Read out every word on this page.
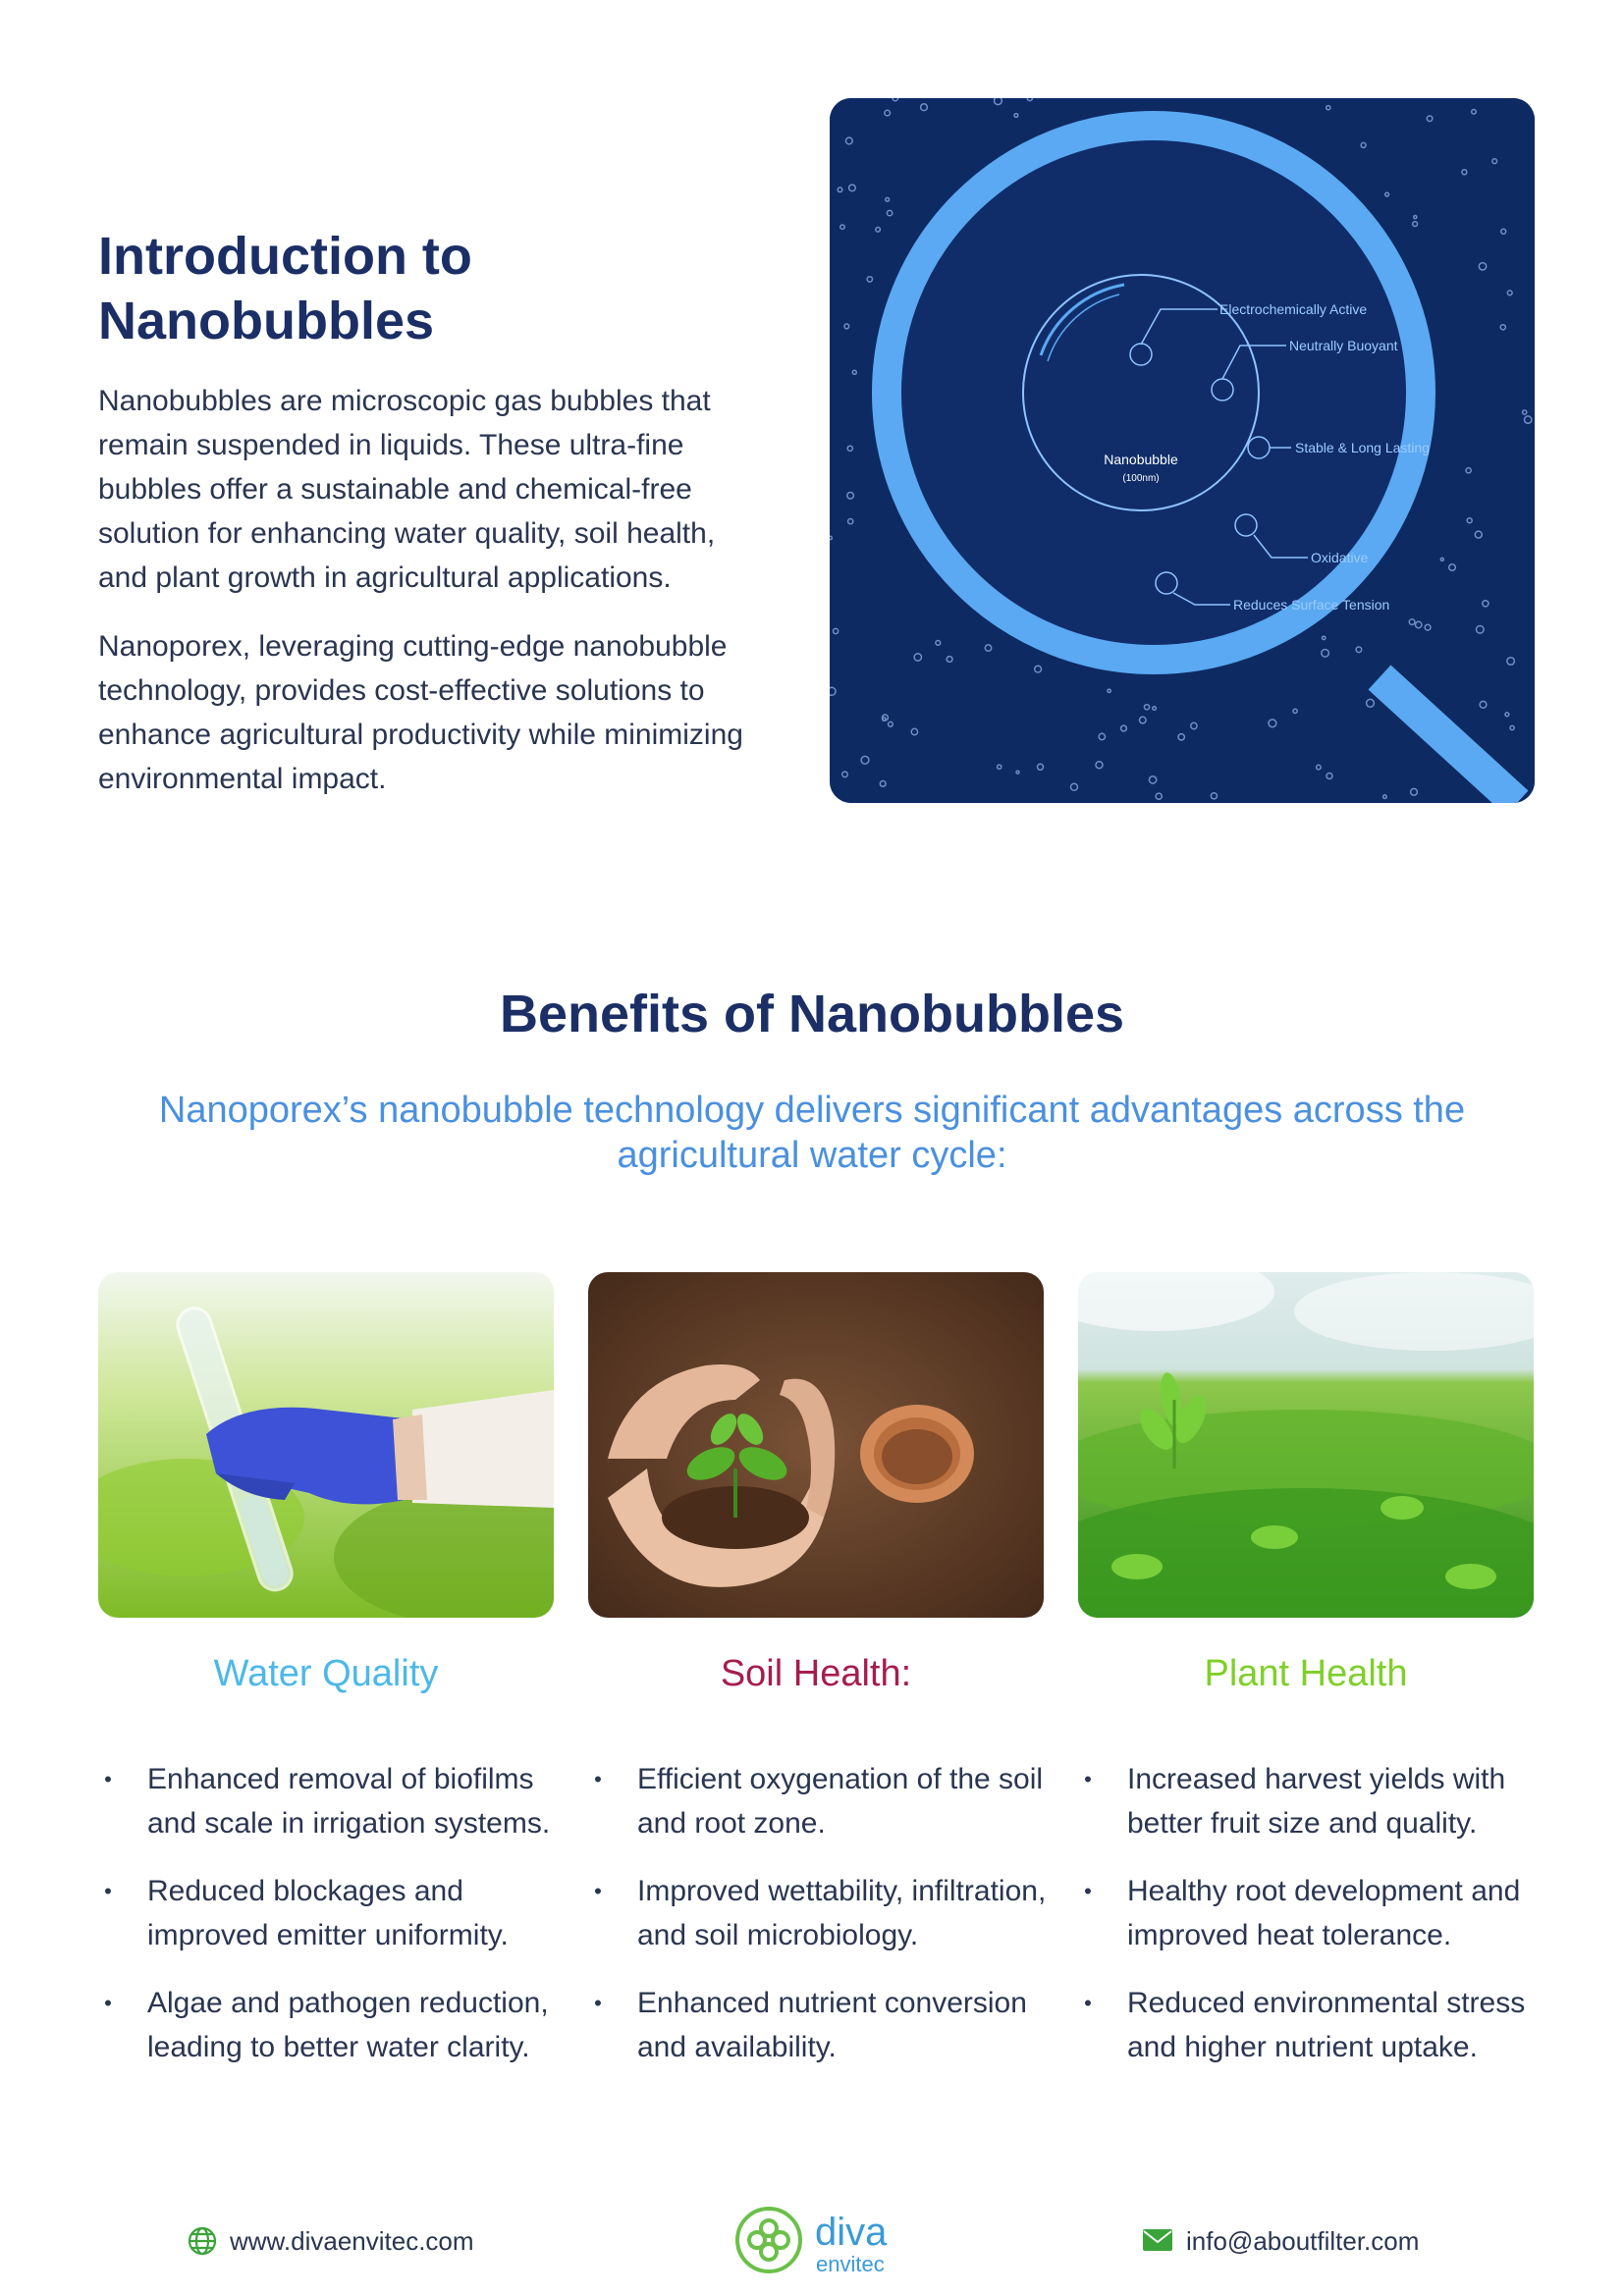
Introduction to Nanobubbles
Nanobubbles are microscopic gas bubbles that remain suspended in liquids. These ultra-fine bubbles offer a sustainable and chemical-free solution for enhancing water quality, soil health, and plant growth in agricultural applications.
Nanoporex, leveraging cutting-edge nanobubble technology, provides cost-effective solutions to enhance agricultural productivity while minimizing environmental impact.
Nanobubble
(100nm)
Electrochemically Active
Neutrally Buoyant
Stable & Long Lasting
Oxidative
Reduces Surface Tension
Benefits of Nanobubbles
Nanoporex’s nanobubble technology delivers significant advantages across the agricultural water cycle:
Water Quality	Soil Health:	Plant Health
• Enhanced removal of biofilms and scale in irrigation systems.
• Reduced blockages and improved emitter uniformity.
• Algae and pathogen reduction, leading to better water clarity.
• Efficient oxygenation of the soil and root zone.
• Improved wettability, infiltration, and soil microbiology.
• Enhanced nutrient conversion and availability.
• Increased harvest yields with better fruit size and quality.
• Healthy root development and improved heat tolerance.
• Reduced environmental stress and higher nutrient uptake.
www.divaenvitec.com	diva
envitec
info@aboutfilter.com
